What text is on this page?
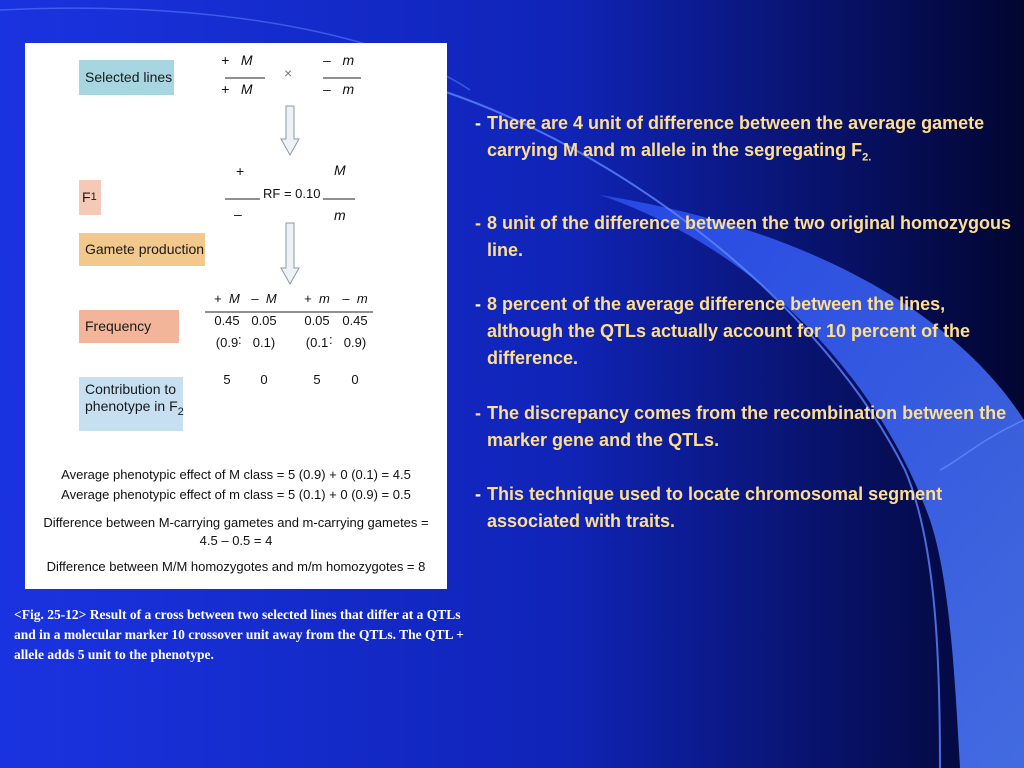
Selected lines
F 1
Gamete production
Frequency
Contribution to
phenotype in $F_2$
+   M
+   M
×
–   m
–   m
+	M
RF = 0.10
–	m
+ M
0.45
(0.9
5
– M
0.05
0.1)
0
:
+ m
0.05
(0.1
5
– m
0.45
0.9)
0
:
Average phenotypic effect of M class = 5 (0.9) + 0 (0.1) = 4.5
Average phenotypic effect of m class = 5 (0.1) + 0 (0.9) = 0.5
Difference between M-carrying gametes and m-carrying gametes =
4.5 – 0.5 = 4
Difference between M/M homozygotes and m/m homozygotes = 8
<Fig. 25-12> Result of a cross between two selected lines that differ at a QTLs and in a molecular marker 10 crossover unit away from the QTLs. The QTL + allele adds 5 unit to the phenotype.
- There are 4 unit of difference between the average gamete carrying M and m allele in the segregating $F_{2.}$
- 8 unit of the difference between the two original homozygous line.
- 8 percent of the average difference between the lines, although the QTLs actually account for 10 percent of the difference.
- The discrepancy comes from the recombination between the marker gene and the QTLs.
- This technique used to locate chromosomal segment associated with traits.
